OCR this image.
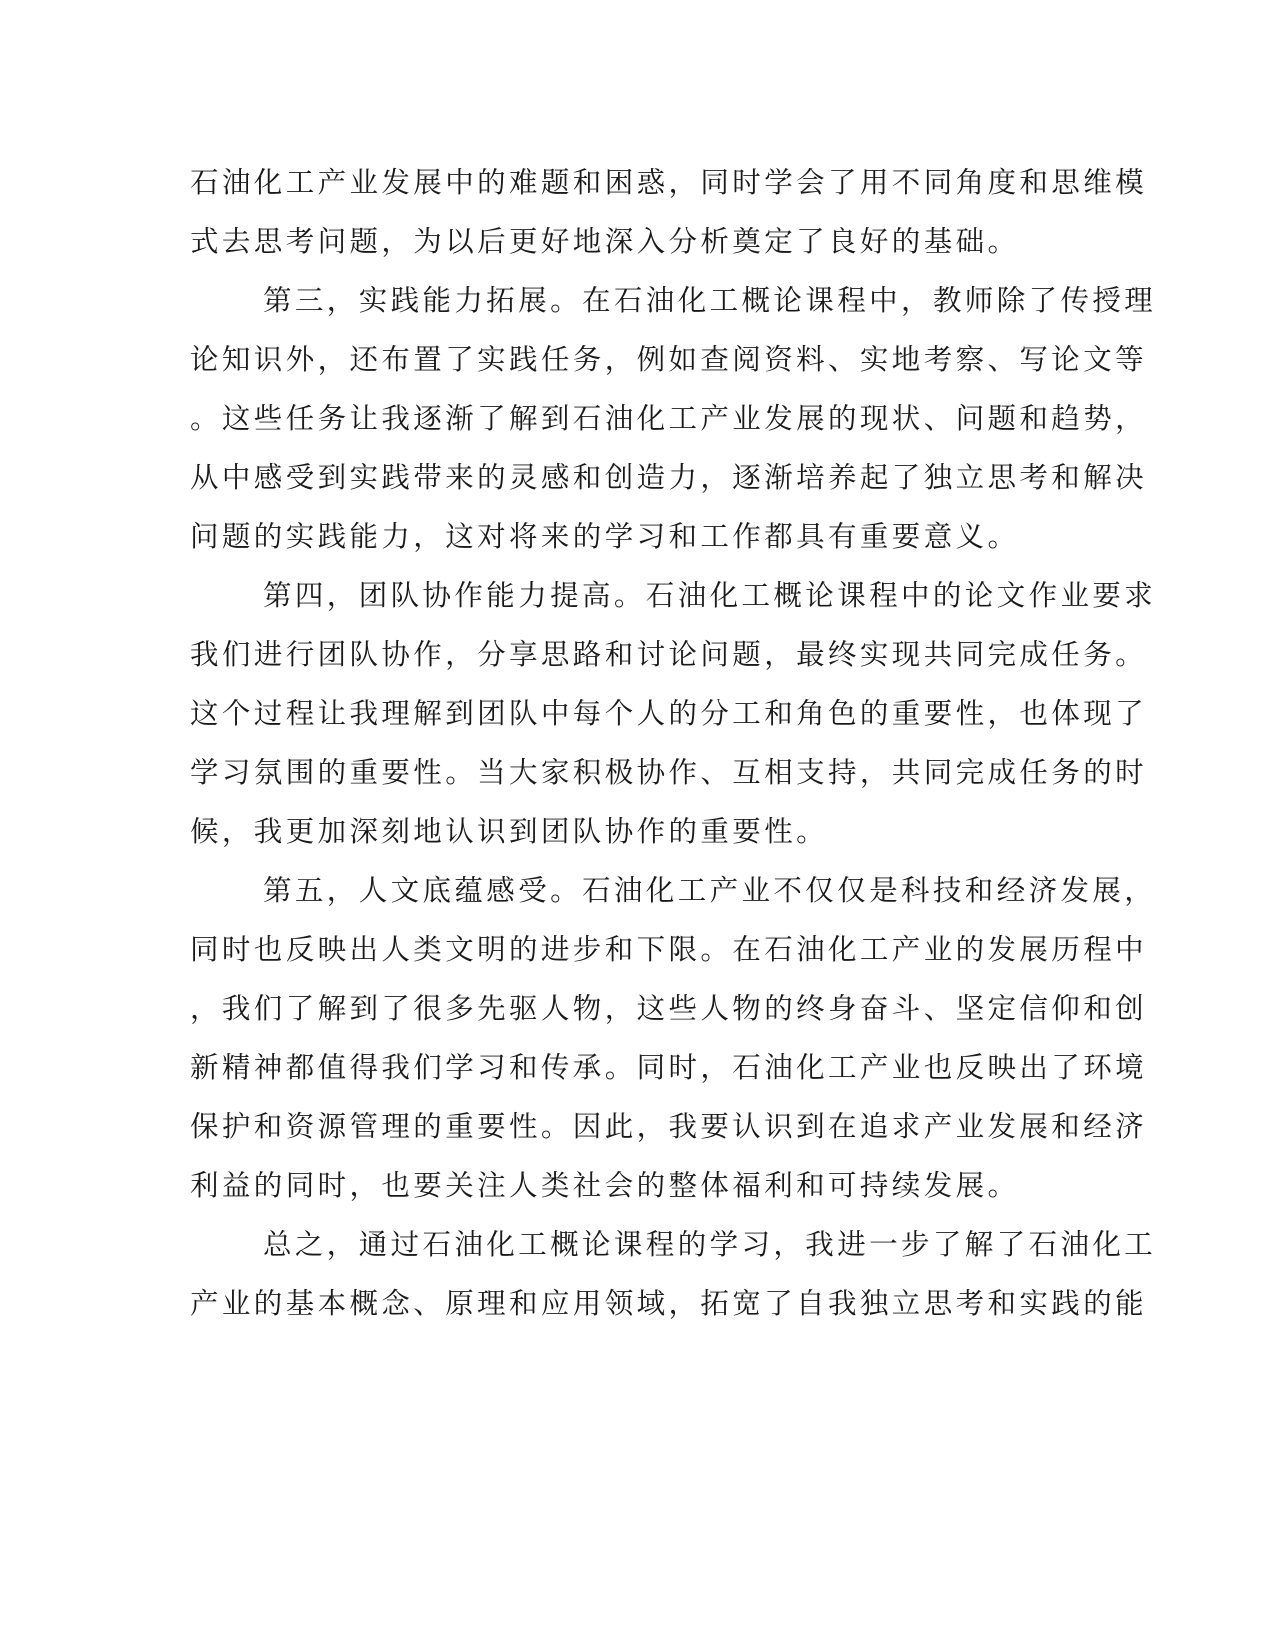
石油化工产业发展中的难题和困惑，同时学会了用不同角度和思维模
式去思考问题，为以后更好地深入分析奠定了良好的基础。
第三，实践能力拓展。在石油化工概论课程中，教师除了传授理
论知识外，还布置了实践任务，例如查阅资料、实地考察、写论文等
。这些任务让我逐渐了解到石油化工产业发展的现状、问题和趋势，
从中感受到实践带来的灵感和创造力，逐渐培养起了独立思考和解决
问题的实践能力，这对将来的学习和工作都具有重要意义。
第四，团队协作能力提高。石油化工概论课程中的论文作业要求
我们进行团队协作，分享思路和讨论问题，最终实现共同完成任务。
这个过程让我理解到团队中每个人的分工和角色的重要性，也体现了
学习氛围的重要性。当大家积极协作、互相支持，共同完成任务的时
候，我更加深刻地认识到团队协作的重要性。
第五，人文底蕴感受。石油化工产业不仅仅是科技和经济发展，
同时也反映出人类文明的进步和下限。在石油化工产业的发展历程中
，我们了解到了很多先驱人物，这些人物的终身奋斗、坚定信仰和创
新精神都值得我们学习和传承。同时，石油化工产业也反映出了环境
保护和资源管理的重要性。因此，我要认识到在追求产业发展和经济
利益的同时，也要关注人类社会的整体福利和可持续发展。
总之，通过石油化工概论课程的学习，我进一步了解了石油化工
产业的基本概念、原理和应用领域，拓宽了自我独立思考和实践的能
